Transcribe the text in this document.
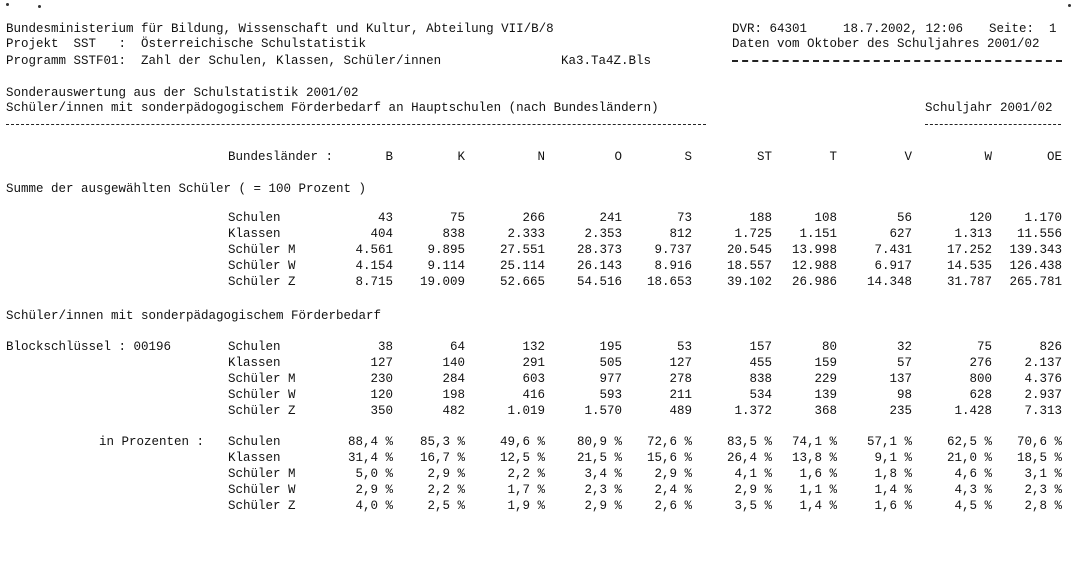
Bundesministerium für Bildung, Wissenschaft und Kultur, Abteilung VII/B/8
Projekt  SST   :  Österreichische Schulstatistik
Programm SSTF01:  Zahl der Schulen, Klassen, Schüler/innen	Ka3.Ta4Z.Bls
DVR: 64301	18.7.2002, 12:06 Seite:  1
Daten vom Oktober des Schuljahres 2001/02
Sonderauswertung aus der Schulstatistik 2001/02
Schüler/innen mit sonderpädogogischem Förderbedarf an Hauptschulen (nach Bundesländern)	Schuljahr 2001/02
Bundesländer :	B	K	N	O	S	ST	T	V	W	OE
Summe der ausgewählten Schüler ( = 100 Prozent )
Schulen	43	75	266	241	73	188	108	56	120	1.170
Klassen	404	838	2.333	2.353	812	1.725 1.151	627	1.313 11.556
Schüler M	4.561	9.895	27.551	28.373	9.737	20.545 13.998	7.431	17.252 139.343
Schüler W	4.154	9.114	25.114	26.143	8.916	18.557 12.988	6.917	14.535 126.438
Schüler Z	8.715 19.009	52.665	54.516 18.653	39.102 26.986 14.348	31.787 265.781
Schüler/innen mit sonderpädagogischem Förderbedarf
Blockschlüssel : 00196	Schulen	38	64	132	195	53	157	80	32	75	826
Klassen	127	140	291	505	127	455	159	57	276	2.137
Schüler M	230	284	603	977	278	838	229	137	800	4.376
Schüler W	120	198	416	593	211	534	139	98	628	2.937
Schüler Z	350	482	1.019	1.570	489	1.372	368	235	1.428	7.313
in Prozenten : Schulen	88,4 % 85,3 %	49,6 %	80,9 % 72,6 %	83,5 % 74,1 % 57,1 %	62,5 % 70,6 %
Klassen	31,4 % 16,7 %	12,5 %	21,5 % 15,6 %	26,4 % 13,8 %	9,1 %	21,0 % 18,5 %
Schüler M	5,0 %	2,9 %	2,2 %	3,4 %	2,9 %	4,1 % 1,6 %	1,8 %	4,6 %	3,1 %
Schüler W	2,9 %	2,2 %	1,7 %	2,3 %	2,4 %	2,9 % 1,1 %	1,4 %	4,3 %	2,3 %
Schüler Z	4,0 %	2,5 %	1,9 %	2,9 %	2,6 %	3,5 % 1,4 %	1,6 %	4,5 %	2,8 %
